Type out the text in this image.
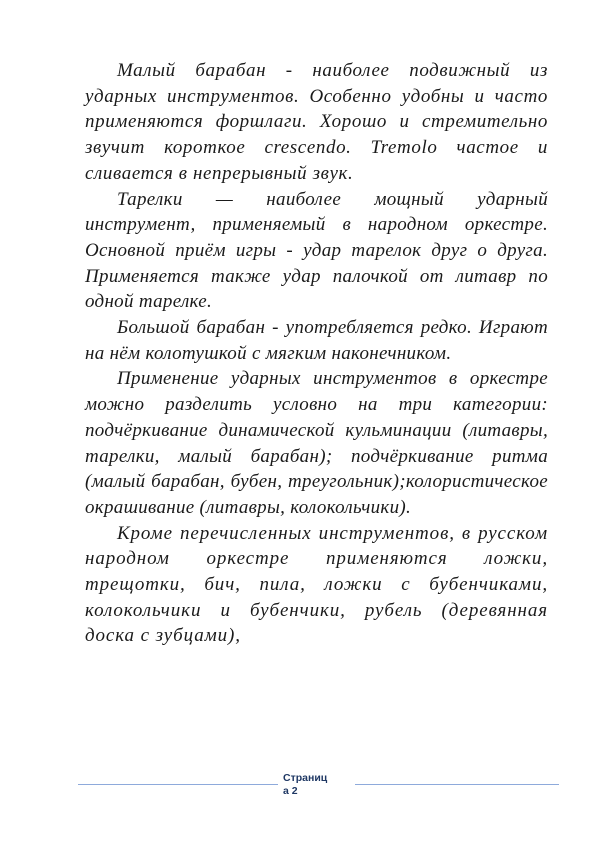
Малый барабан - наиболее подвижный из ударных инструментов. Особенно удобны и часто применяются форшлаги. Хорошо и стремительно звучит короткое crescendo. Tremolo частое и сливается в непрерывный звук.

Тарелки — наиболее мощный ударный инструмент, применяемый в народном оркестре. Основной приём игры - удар тарелок друг о друга. Применяется также удар палочкой от литавр по одной тарелке.

Большой барабан - употребляется редко. Играют на нём колотушкой с мягким наконечником.

Применение ударных инструментов в оркестре можно разделить условно на три категории: подчёркивание динамической кульминации (литавры, тарелки, малый барабан); подчёркивание ритма (малый барабан, бубен, треугольник);колористическое окрашивание (литавры, колокольчики).

Кроме перечисленных инструментов, в русском народном оркестре применяются ложки, трещотки, бич, пила, ложки с бубенчиками, колокольчики и бубенчики, рубель (деревянная доска с зубцами),

Страниц
а 2
